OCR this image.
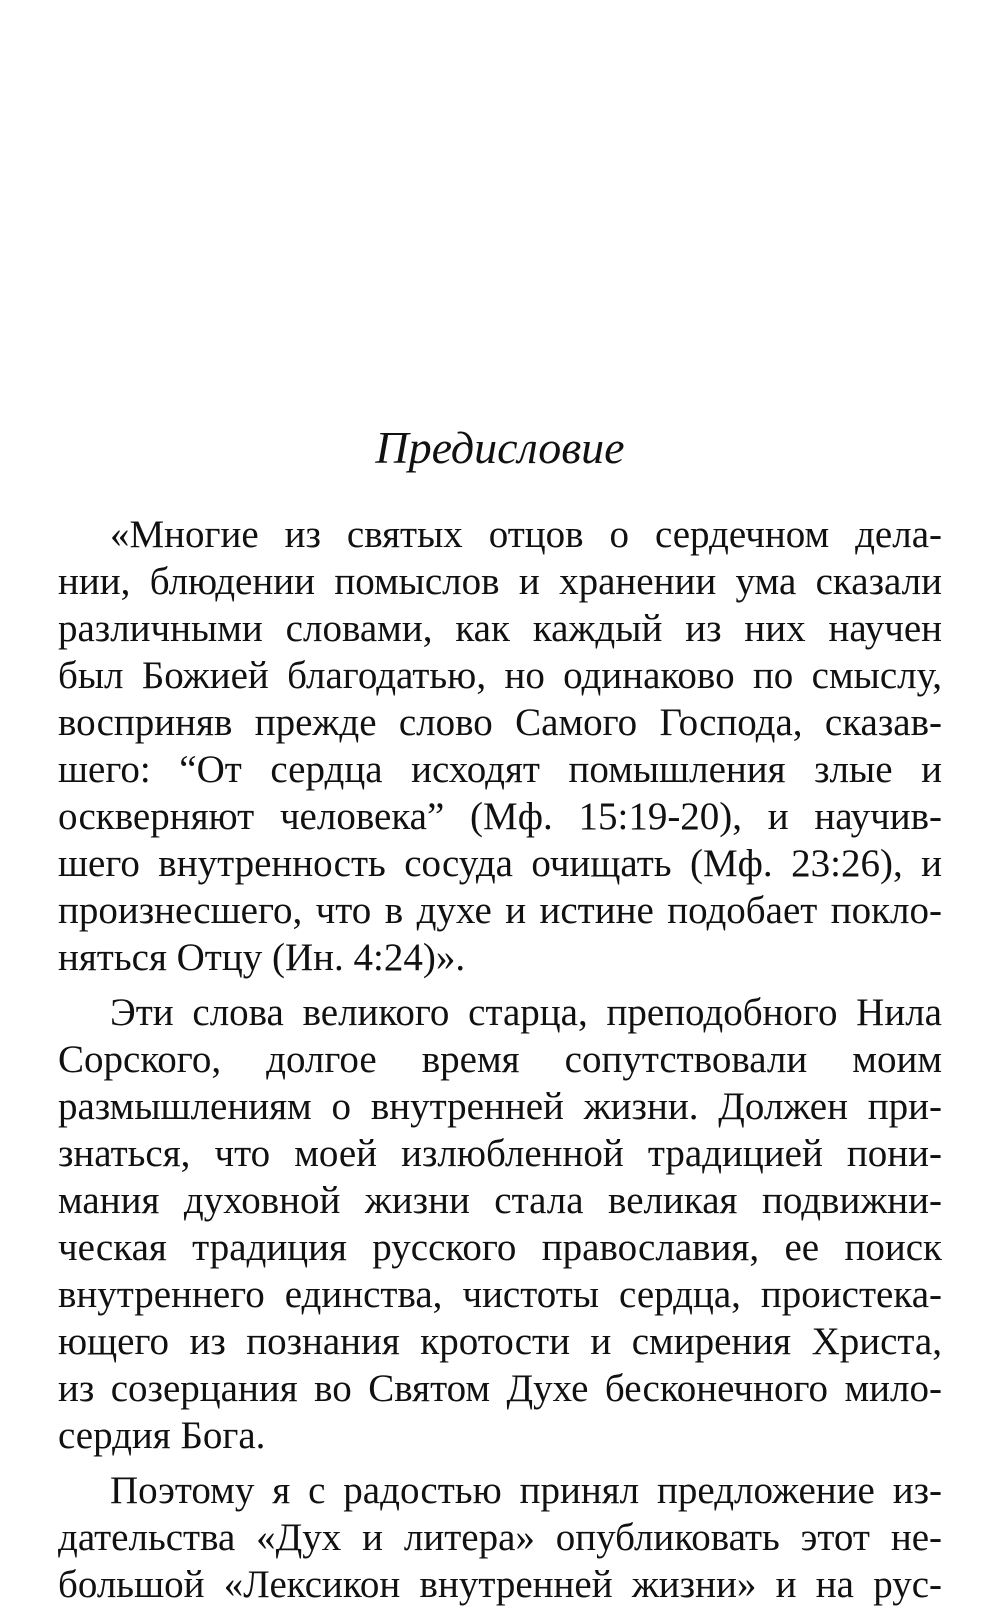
Предисловие
«Многие из святых отцов о сердечном дела-
нии, блюдении помыслов и хранении ума сказали
различными словами, как каждый из них научен
был Божией благодатью, но одинаково по смыслу,
восприняв прежде слово Самого Господа, сказав-
шего: “От сердца исходят помышления злые и
оскверняют человека” (Мф. 15:19-20), и научив-
шего внутренность сосуда очищать (Мф. 23:26), и
произнесшего, что в духе и истине подобает покло-
няться Отцу (Ин. 4:24)».
Эти слова великого старца, преподобного Нила
Сорского, долгое время сопутствовали моим
размышлениям о внутренней жизни. Должен при-
знаться, что моей излюбленной традицией пони-
мания духовной жизни стала великая подвижни-
ческая традиция русского православия, ее поиск
внутреннего единства, чистоты сердца, проистека-
ющего из познания кротости и смирения Христа,
из созерцания во Святом Духе бесконечного мило-
сердия Бога.
Поэтому я с радостью принял предложение из-
дательства «Дух и литера» опубликовать этот не-
большой «Лексикон внутренней жизни» и на рус-
